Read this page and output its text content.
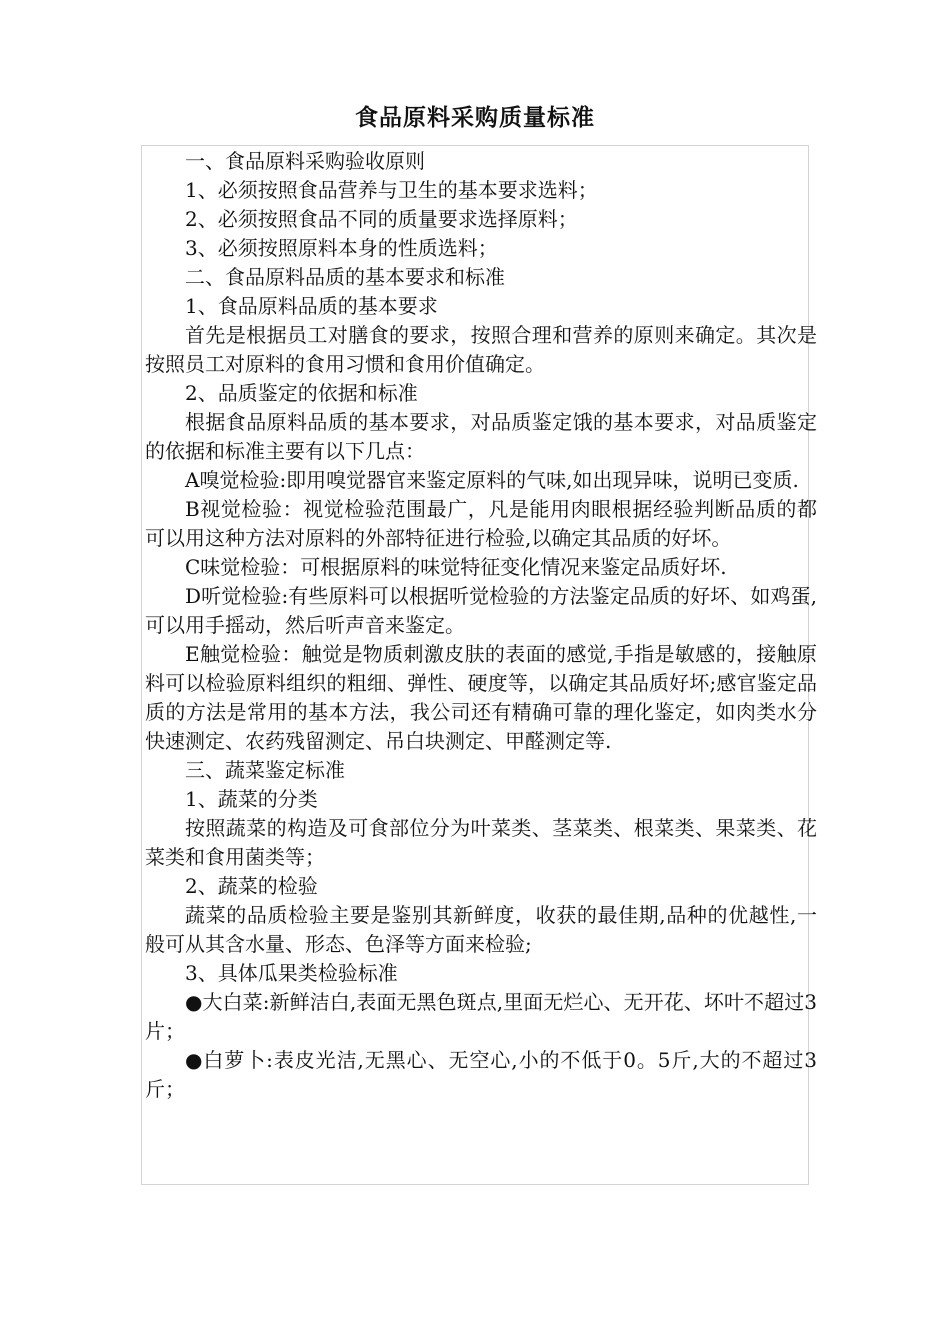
食品原料采购质量标准

一、食品原料采购验收原则

1、必须按照食品营养与卫生的基本要求选料；

2、必须按照食品不同的质量要求选择原料；

3、必须按照原料本身的性质选料；

二、食品原料品质的基本要求和标准

1、食品原料品质的基本要求

首先是根据员工对膳食的要求，按照合理和营养的原则来确定。其次是按照员工对原料的食用习惯和食用价值确定。

2、品质鉴定的依据和标准

根据食品原料品质的基本要求，对品质鉴定饿的基本要求，对品质鉴定的依据和标准主要有以下几点：

A嗅觉检验:即用嗅觉器官来鉴定原料的气味,如出现异味，说明已变质.

B视觉检验：视觉检验范围最广，凡是能用肉眼根据经验判断品质的都可以用这种方法对原料的外部特征进行检验,以确定其品质的好坏。

C味觉检验：可根据原料的味觉特征变化情况来鉴定品质好坏.

D听觉检验:有些原料可以根据听觉检验的方法鉴定品质的好坏、如鸡蛋,可以用手摇动，然后听声音来鉴定。

E触觉检验：触觉是物质刺激皮肤的表面的感觉,手指是敏感的，接触原料可以检验原料组织的粗细、弹性、硬度等，以确定其品质好坏;感官鉴定品质的方法是常用的基本方法，我公司还有精确可靠的理化鉴定，如肉类水分快速测定、农药残留测定、吊白块测定、甲醛测定等.

三、蔬菜鉴定标准

1、蔬菜的分类

按照蔬菜的构造及可食部位分为叶菜类、茎菜类、根菜类、果菜类、花菜类和食用菌类等；

2、蔬菜的检验

蔬菜的品质检验主要是鉴别其新鲜度，收获的最佳期,品种的优越性,一般可从其含水量、形态、色泽等方面来检验;

3、具体瓜果类检验标准

●大白菜:新鲜洁白,表面无黑色斑点,里面无烂心、无开花、坏叶不超过3片；

●白萝卜:表皮光洁,无黑心、无空心,小的不低于0。5斤,大的不超过3斤；
